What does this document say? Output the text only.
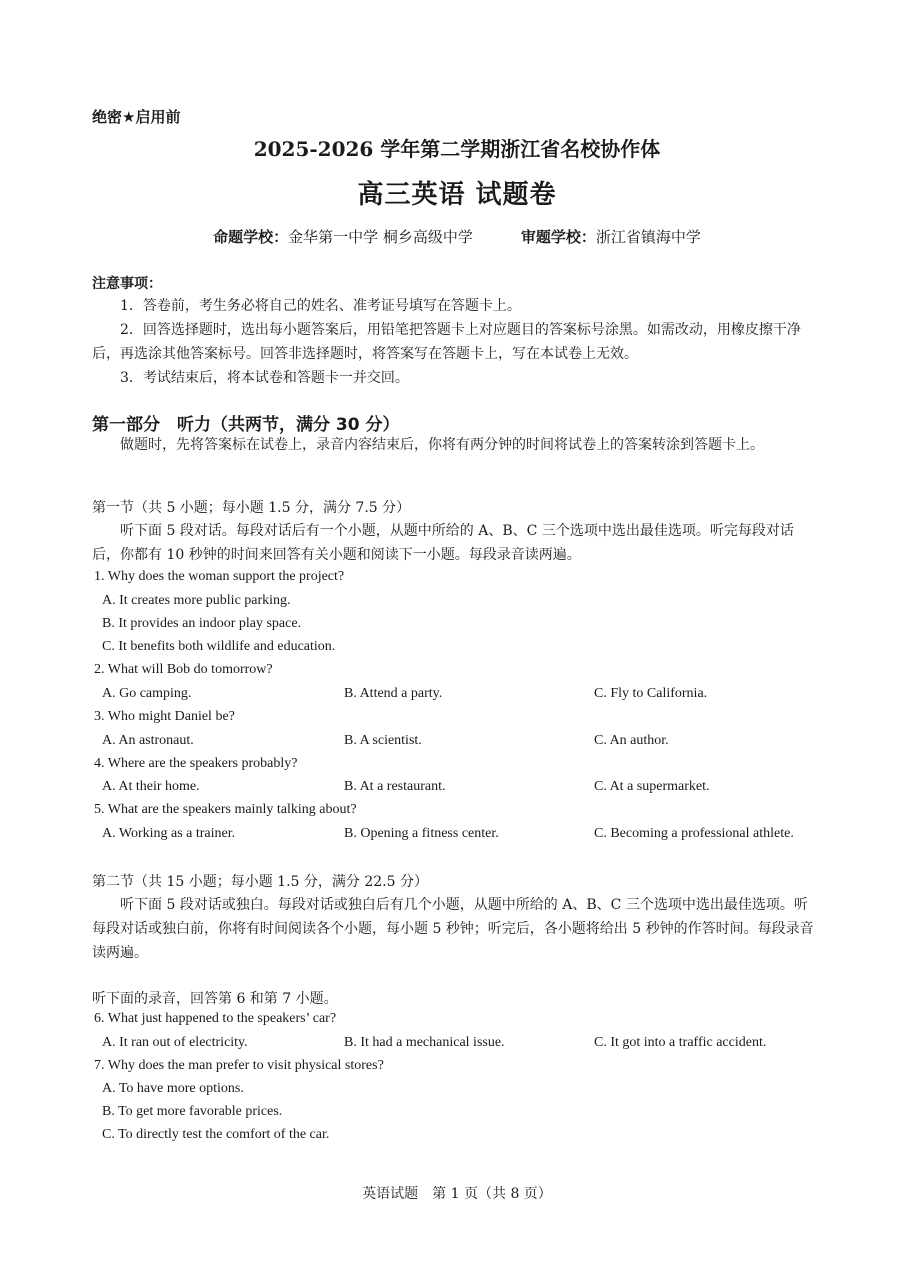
绝密★启用前
2025-2026 学年第二学期浙江省名校协作体
高三英语 试题卷
命题学校：金华第一中学 桐乡高级中学	审题学校：浙江省镇海中学
注意事项：
1．答卷前，考生务必将自己的姓名、准考证号填写在答题卡上。
2．回答选择题时，选出每小题答案后，用铅笔把答题卡上对应题目的答案标号涂黑。如需改动，用橡皮擦干净后，再选涂其他答案标号。回答非选择题时，将答案写在答题卡上，写在本试卷上无效。
3．考试结束后，将本试卷和答题卡一并交回。
第一部分　听力（共两节，满分 30 分）
做题时，先将答案标在试卷上，录音内容结束后，你将有两分钟的时间将试卷上的答案转涂到答题卡上。
第一节（共 5 小题；每小题 1.5 分，满分 7.5 分）
听下面 5 段对话。每段对话后有一个小题，从题中所给的 A、B、C 三个选项中选出最佳选项。听完每段对话后，你都有 10 秒钟的时间来回答有关小题和阅读下一小题。每段录音读两遍。
1. Why does the woman support the project?
A. It creates more public parking.
B. It provides an indoor play space.
C. It benefits both wildlife and education.
2. What will Bob do tomorrow?
A. Go camping.	B. Attend a party.	C. Fly to California.
3. Who might Daniel be?
A. An astronaut.	B. A scientist.	C. An author.
4. Where are the speakers probably?
A. At their home.	B. At a restaurant.	C. At a supermarket.
5. What are the speakers mainly talking about?
A. Working as a trainer.	B. Opening a fitness center.	C. Becoming a professional athlete.
第二节（共 15 小题；每小题 1.5 分，满分 22.5 分）
听下面 5 段对话或独白。每段对话或独白后有几个小题，从题中所给的 A、B、C 三个选项中选出最佳选项。听每段对话或独白前，你将有时间阅读各个小题，每小题 5 秒钟；听完后，各小题将给出 5 秒钟的作答时间。每段录音读两遍。
听下面的录音，回答第 6 和第 7 小题。
6. What just happened to the speakers’ car?
A. It ran out of electricity.	B. It had a mechanical issue.	C. It got into a traffic accident.
7. Why does the man prefer to visit physical stores?
A. To have more options.
B. To get more favorable prices.
C. To directly test the comfort of the car.
英语试题　第 1 页（共 8 页）
